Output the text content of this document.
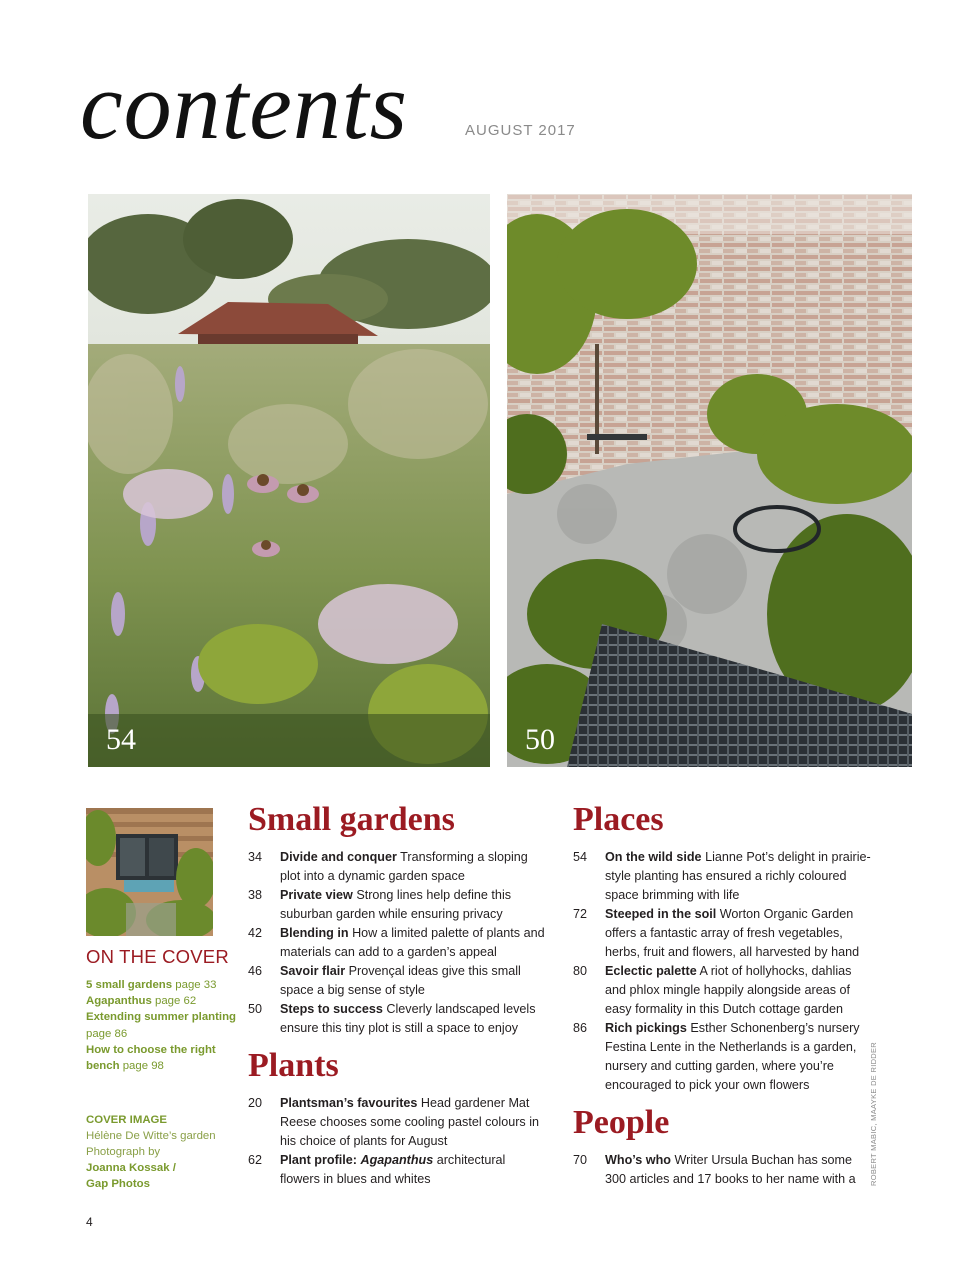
contents	AUGUST 2017
54	50
ON THE COVER
5 small gardens page 33
Agapanthus page 62
Extending summer planting page 86
How to choose the right bench page 98
COVER IMAGE
Hélène De Witte’s garden
Photograph by
Joanna Kossak /
Gap Photos
Small gardens
34 Divide and conquer Transforming a sloping plot into a dynamic garden space
38 Private view Strong lines help define this suburban garden while ensuring privacy
42 Blending in How a limited palette of plants and materials can add to a garden’s appeal
46 Savoir flair Provençal ideas give this small space a big sense of style
50 Steps to success Cleverly landscaped levels ensure this tiny plot is still a space to enjoy
Plants
20 Plantsman’s favourites Head gardener Mat Reese chooses some cooling pastel colours in his choice of plants for August
62 Plant profile: Agapanthus architectural flowers in blues and whites
Places
54 On the wild side Lianne Pot’s delight in prairie-style planting has ensured a richly coloured space brimming with life
72 Steeped in the soil Worton Organic Garden offers a fantastic array of fresh vegetables, herbs, fruit and flowers, all harvested by hand
80 Eclectic palette A riot of hollyhocks, dahlias and phlox mingle happily alongside areas of easy formality in this Dutch cottage garden
86 Rich pickings Esther Schonenberg’s nursery Festina Lente in the Netherlands is a garden, nursery and cutting garden, where you’re encouraged to pick your own flowers
People
70 Who’s who Writer Ursula Buchan has some 300 articles and 17 books to her name with a	ROBERT MABIC, MAAYKE DE RIDDER
4
